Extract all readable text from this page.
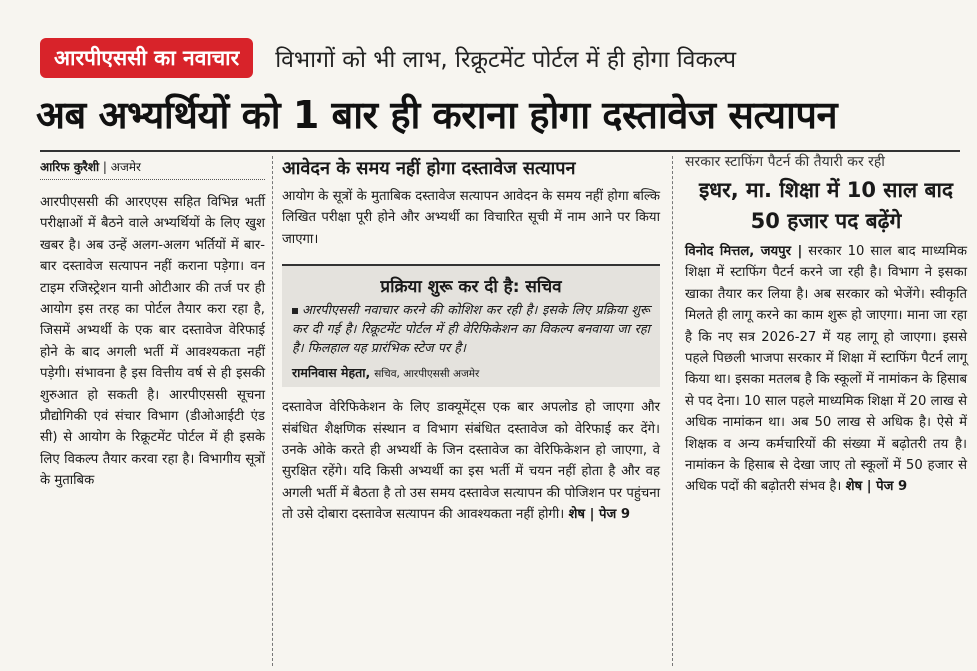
आरपीएससी का नवाचार	विभागों को भी लाभ, रिक्रूटमेंट पोर्टल में ही होगा विकल्प
अब अभ्यर्थियों को 1 बार ही कराना होगा दस्तावेज सत्यापन
आरिफ कुरैशी | अजमेर

आरपीएससी की आरएएस सहित विभिन्न भर्ती परीक्षाओं में बैठने वाले अभ्यर्थियों के लिए खुश खबर है। अब उन्हें अलग-अलग भर्तियों में बार-बार दस्तावेज सत्यापन नहीं कराना पड़ेगा। वन टाइम रजिस्ट्रेशन यानी ओटीआर की तर्ज पर ही आयोग इस तरह का पोर्टल तैयार करा रहा है, जिसमें अभ्यर्थी के एक बार दस्तावेज वेरिफाई होने के बाद अगली भर्ती में आवश्यकता नहीं पड़ेगी। संभावना है इस वित्तीय वर्ष से ही इसकी शुरुआत हो सकती है। आरपीएससी सूचना प्रौद्योगिकी एवं संचार विभाग (डीओआईटी एंड सी) से आयोग के रिक्रूटमेंट पोर्टल में ही इसके लिए विकल्प तैयार करवा रहा है। विभागीय सूत्रों के मुताबिक

आवेदन के समय नहीं होगा दस्तावेज सत्यापन

आयोग के सूत्रों के मुताबिक दस्तावेज सत्यापन आवेदन के समय नहीं होगा बल्कि लिखित परीक्षा पूरी होने और अभ्यर्थी का विचारित सूची में नाम आने पर किया जाएगा।

प्रक्रिया शुरू कर दी है: सचिव

आरपीएससी नवाचार करने की कोशिश कर रही है। इसके लिए प्रक्रिया शुरू कर दी गई है। रिक्रूटमेंट पोर्टल में ही वेरिफिकेशन का विकल्प बनवाया जा रहा है। फिलहाल यह प्रारंभिक स्टेज पर है।

रामनिवास मेहता, सचिव, आरपीएससी अजमेर

दस्तावेज वेरिफिकेशन के लिए डाक्यूमेंट्स एक बार अपलोड हो जाएगा और संबंधित शैक्षणिक संस्थान व विभाग संबंधित दस्तावेज को वेरिफाई कर देंगे। उनके ओके करते ही अभ्यर्थी के जिन दस्तावेज का वेरिफिकेशन हो जाएगा, वे सुरक्षित रहेंगे। यदि किसी अभ्यर्थी का इस भर्ती में चयन नहीं होता है और वह अगली भर्ती में बैठता है तो उस समय दस्तावेज सत्यापन की पोजिशन पर पहुंचना तो उसे दोबारा दस्तावेज सत्यापन की आवश्यकता नहीं होगी। शेष | पेज 9

सरकार स्टाफिंग पैटर्न की तैयारी कर रही
इधर, मा. शिक्षा में 10 साल बाद 50 हजार पद बढ़ेंगे

विनोद मित्तल, जयपुर | सरकार 10 साल बाद माध्यमिक शिक्षा में स्टाफिंग पैटर्न करने जा रही है। विभाग ने इसका खाका तैयार कर लिया है। अब सरकार को भेजेंगे। स्वीकृति मिलते ही लागू करने का काम शुरू हो जाएगा। माना जा रहा है कि नए सत्र 2026-27 में यह लागू हो जाएगा। इससे पहले पिछली भाजपा सरकार में शिक्षा में स्टाफिंग पैटर्न लागू किया था। इसका मतलब है कि स्कूलों में नामांकन के हिसाब से पद देना। 10 साल पहले माध्यमिक शिक्षा में 20 लाख से अधिक नामांकन था। अब 50 लाख से अधिक है। ऐसे में शिक्षक व अन्य कर्मचारियों की संख्या में बढ़ोतरी तय है। नामांकन के हिसाब से देखा जाए तो स्कूलों में 50 हजार से अधिक पदों की बढ़ोतरी संभव है। शेष | पेज 9
